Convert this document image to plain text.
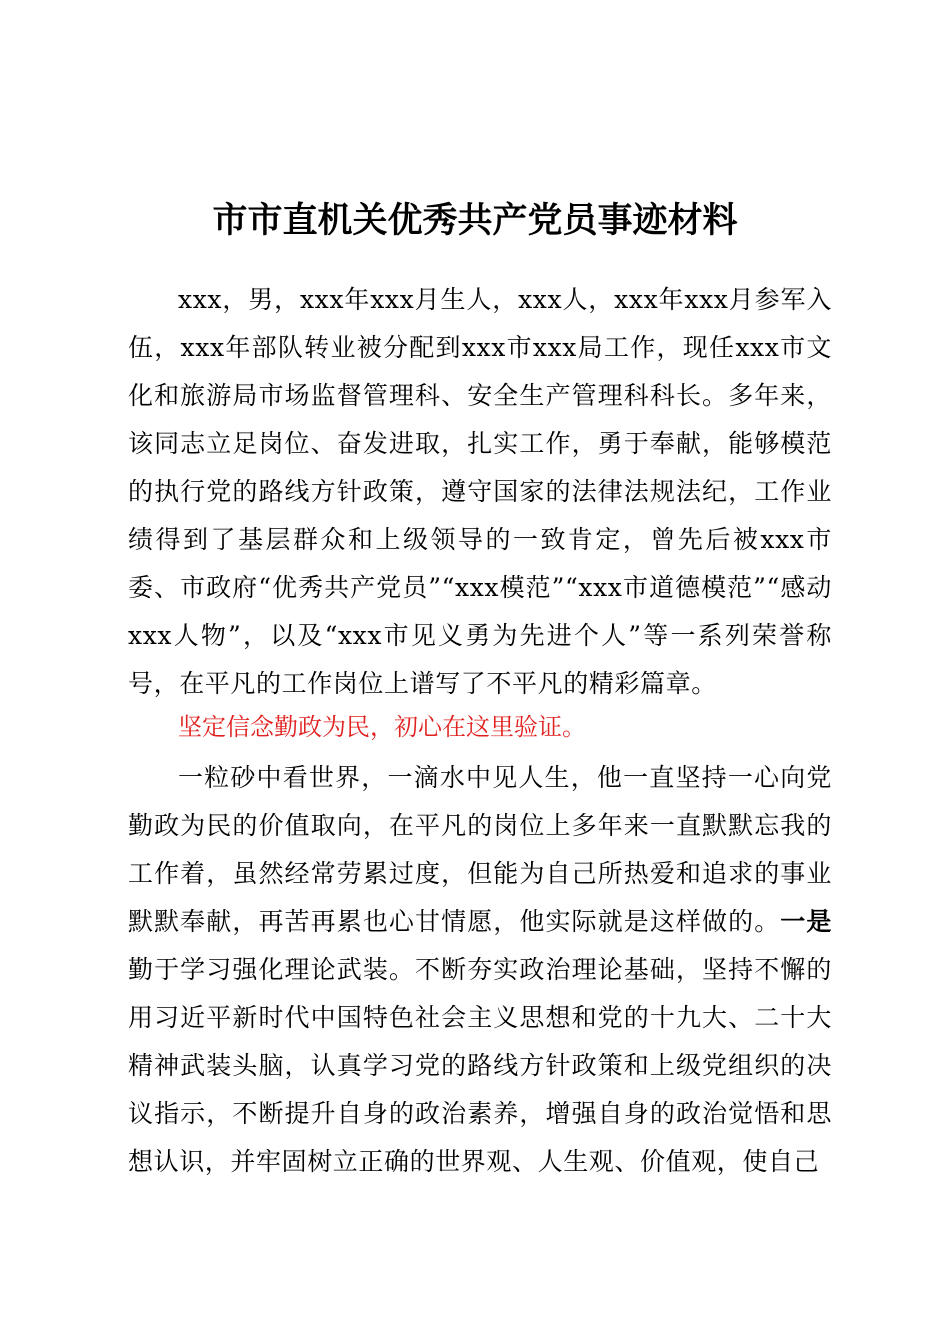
市市直机关优秀共产党员事迹材料

xxx，男，xxx年xxx月生人，xxx人，xxx年xxx月参军入伍，xxx年部队转业被分配到xxx市xxx局工作，现任xxx市文化和旅游局市场监督管理科、安全生产管理科科长。多年来，该同志立足岗位、奋发进取，扎实工作，勇于奉献，能够模范的执行党的路线方针政策，遵守国家的法律法规法纪，工作业绩得到了基层群众和上级领导的一致肯定，曾先后被xxx市委、市政府“优秀共产党员”“xxx模范”“xxx市道德模范”“感动xxx人物”，以及“xxx市见义勇为先进个人”等一系列荣誉称号，在平凡的工作岗位上谱写了不平凡的精彩篇章。

坚定信念勤政为民，初心在这里验证。

一粒砂中看世界，一滴水中见人生，他一直坚持一心向党勤政为民的价值取向，在平凡的岗位上多年来一直默默忘我的工作着，虽然经常劳累过度，但能为自己所热爱和追求的事业默默奉献，再苦再累也心甘情愿，他实际就是这样做的。一是勤于学习强化理论武装。不断夯实政治理论基础，坚持不懈的用习近平新时代中国特色社会主义思想和党的十九大、二十大精神武装头脑，认真学习党的路线方针政策和上级党组织的决议指示，不断提升自身的政治素养，增强自身的政治觉悟和思想认识，并牢固树立正确的世界观、人生观、价值观，使自己
